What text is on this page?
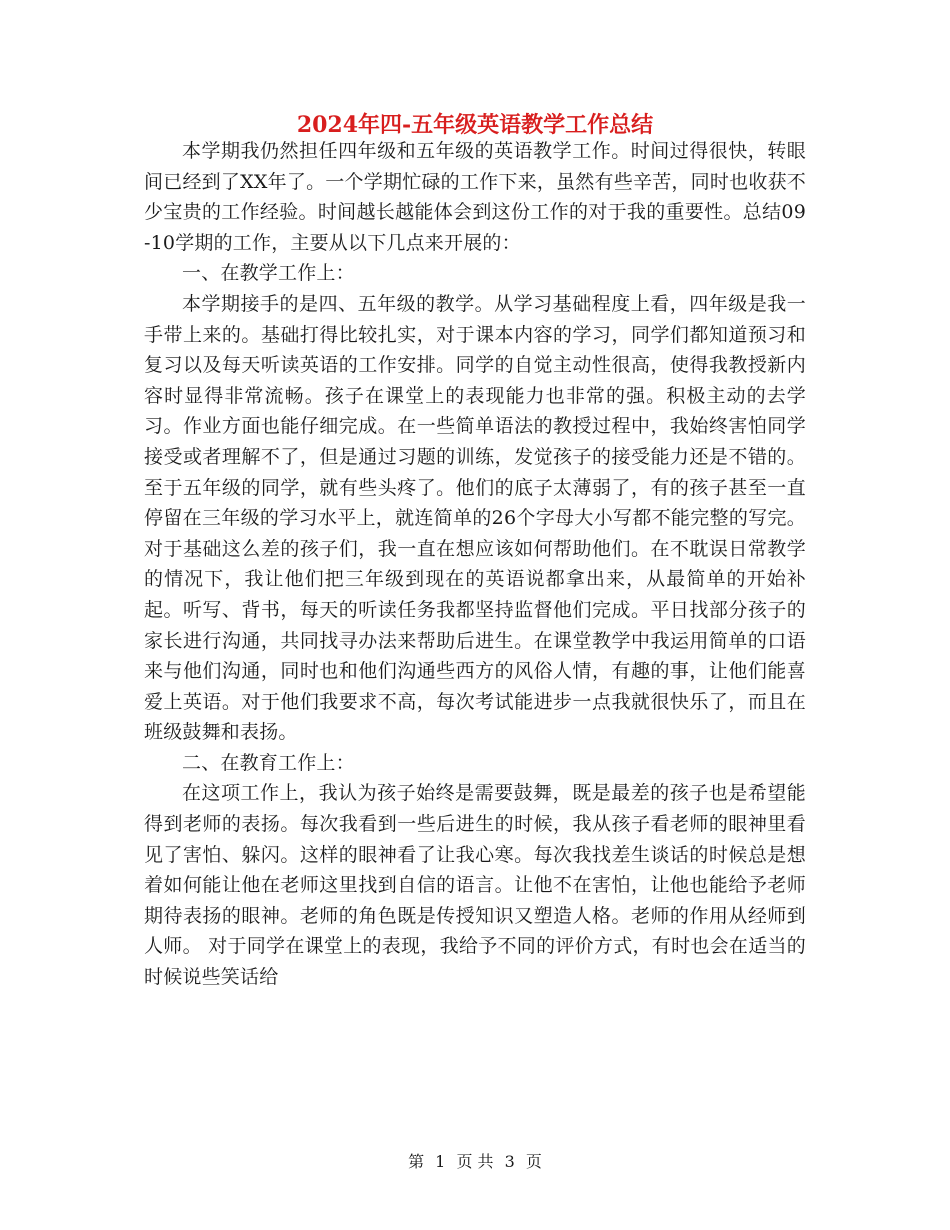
2024年四-五年级英语教学工作总结

本学期我仍然担任四年级和五年级的英语教学工作。时间过得很快，转眼间已经到了XX年了。一个学期忙碌的工作下来，虽然有些辛苦，同时也收获不少宝贵的工作经验。时间越长越能体会到这份工作的对于我的重要性。总结09-10学期的工作，主要从以下几点来开展的：

一、在教学工作上：

本学期接手的是四、五年级的教学。从学习基础程度上看，四年级是我一手带上来的。基础打得比较扎实，对于课本内容的学习，同学们都知道预习和复习以及每天听读英语的工作安排。同学的自觉主动性很高，使得我教授新内容时显得非常流畅。孩子在课堂上的表现能力也非常的强。积极主动的去学习。作业方面也能仔细完成。在一些简单语法的教授过程中，我始终害怕同学接受或者理解不了，但是通过习题的训练，发觉孩子的接受能力还是不错的。至于五年级的同学，就有些头疼了。他们的底子太薄弱了，有的孩子甚至一直停留在三年级的学习水平上，就连简单的26个字母大小写都不能完整的写完。对于基础这么差的孩子们，我一直在想应该如何帮助他们。在不耽误日常教学的情况下，我让他们把三年级到现在的英语说都拿出来，从最简单的开始补起。听写、背书，每天的听读任务我都坚持监督他们完成。平日找部分孩子的家长进行沟通，共同找寻办法来帮助后进生。在课堂教学中我运用简单的口语来与他们沟通，同时也和他们沟通些西方的风俗人情，有趣的事，让他们能喜爱上英语。对于他们我要求不高，每次考试能进步一点我就很快乐了，而且在班级鼓舞和表扬。

二、在教育工作上：

在这项工作上，我认为孩子始终是需要鼓舞，既是最差的孩子也是希望能得到老师的表扬。每次我看到一些后进生的时候，我从孩子看老师的眼神里看见了害怕、躲闪。这样的眼神看了让我心寒。每次我找差生谈话的时候总是想着如何能让他在老师这里找到自信的语言。让他不在害怕，让他也能给予老师期待表扬的眼神。老师的角色既是传授知识又塑造人格。老师的作用从经师到人师。 对于同学在课堂上的表现，我给予不同的评价方式，有时也会在适当的时候说些笑话给

第 1 页 共 3 页
